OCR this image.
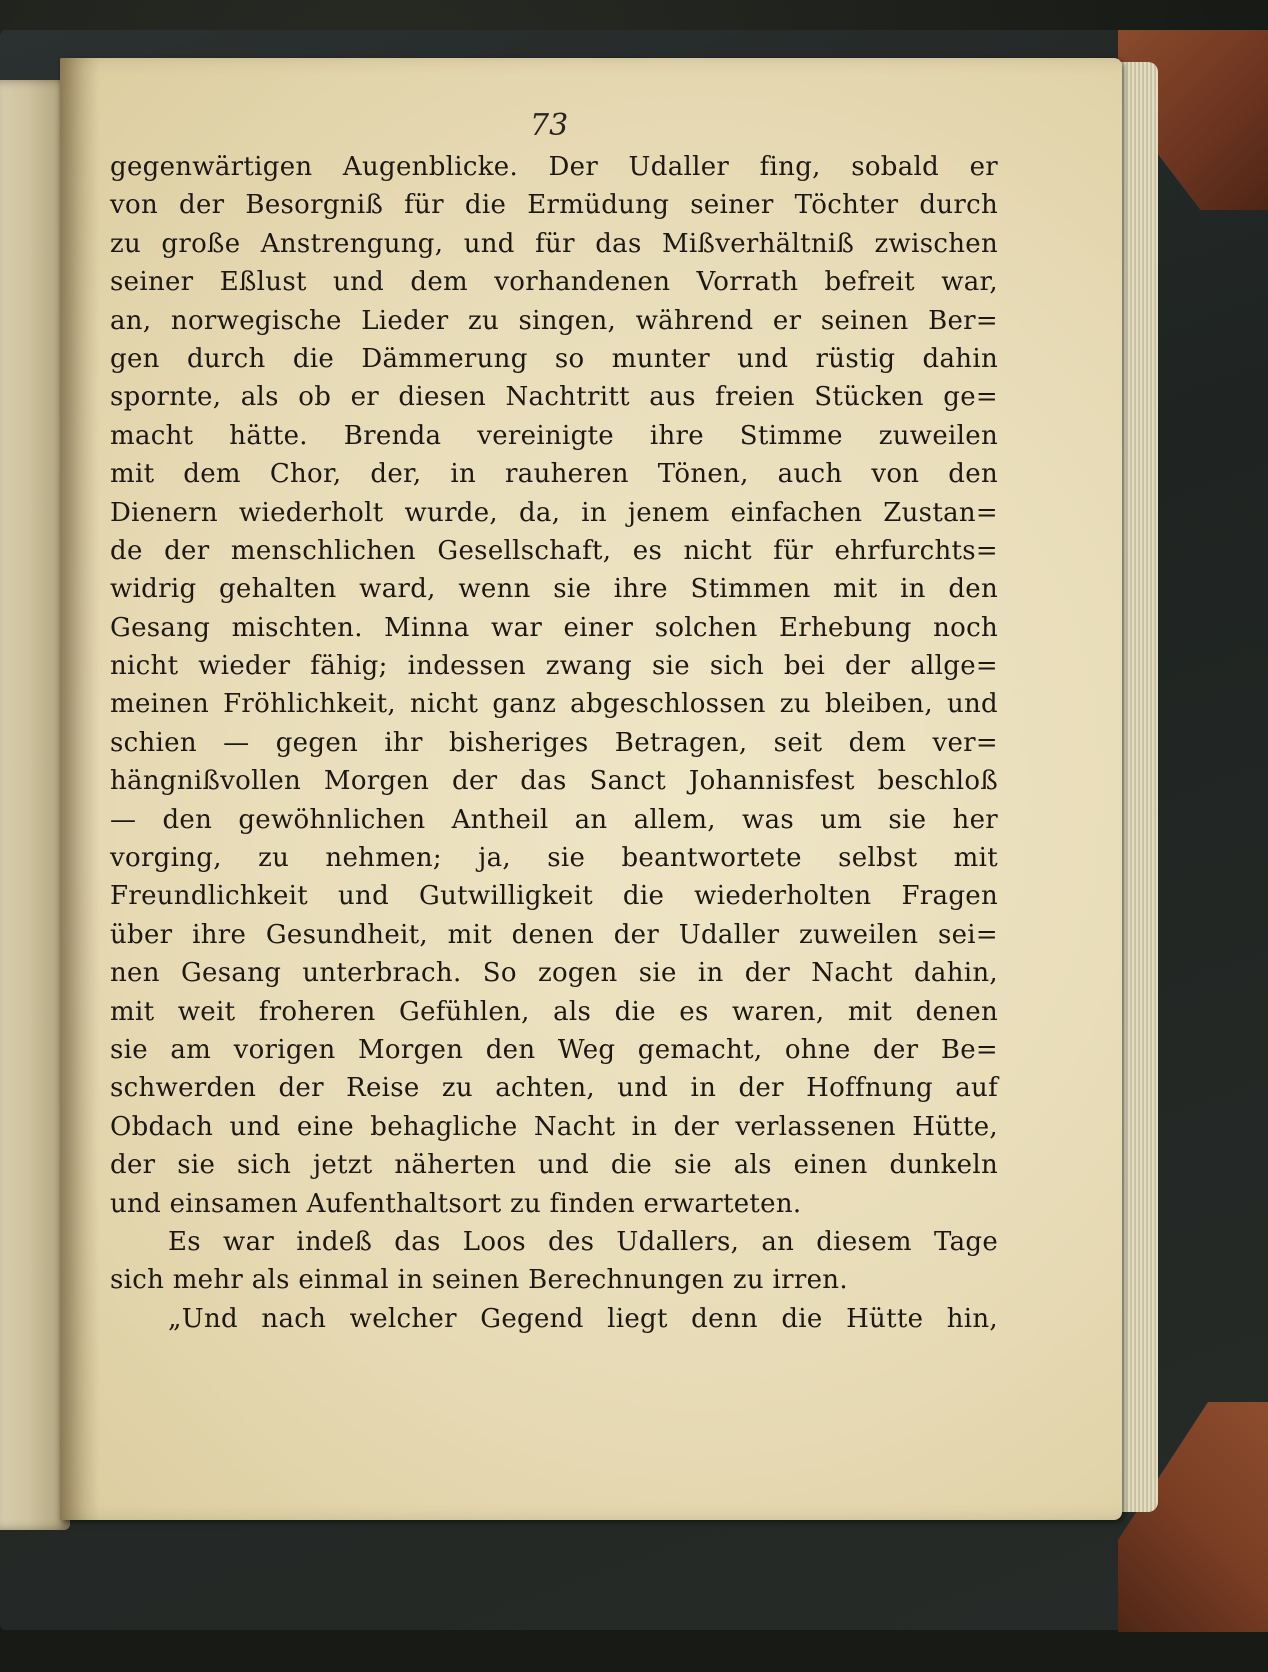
73
gegenwärtigen Augenblicke. Der Udaller fing, sobald er
von der Besorgniß für die Ermüdung seiner Töchter durch
zu große Anstrengung, und für das Mißverhältniß zwischen
seiner Eßlust und dem vorhandenen Vorrath befreit war,
an, norwegische Lieder zu singen, während er seinen Ber=
gen durch die Dämmerung so munter und rüstig dahin
spornte, als ob er diesen Nachtritt aus freien Stücken ge=
macht hätte. Brenda vereinigte ihre Stimme zuweilen
mit dem Chor, der, in rauheren Tönen, auch von den
Dienern wiederholt wurde, da, in jenem einfachen Zustan=
de der menschlichen Gesellschaft, es nicht für ehrfurchts=
widrig gehalten ward, wenn sie ihre Stimmen mit in den
Gesang mischten. Minna war einer solchen Erhebung noch
nicht wieder fähig; indessen zwang sie sich bei der allge=
meinen Fröhlichkeit, nicht ganz abgeschlossen zu bleiben, und
schien — gegen ihr bisheriges Betragen, seit dem ver=
hängnißvollen Morgen der das Sanct Johannisfest beschloß
— den gewöhnlichen Antheil an allem, was um sie her
vorging, zu nehmen; ja, sie beantwortete selbst mit
Freundlichkeit und Gutwilligkeit die wiederholten Fragen
über ihre Gesundheit, mit denen der Udaller zuweilen sei=
nen Gesang unterbrach. So zogen sie in der Nacht dahin,
mit weit froheren Gefühlen, als die es waren, mit denen
sie am vorigen Morgen den Weg gemacht, ohne der Be=
schwerden der Reise zu achten, und in der Hoffnung auf
Obdach und eine behagliche Nacht in der verlassenen Hütte,
der sie sich jetzt näherten und die sie als einen dunkeln
und einsamen Aufenthaltsort zu finden erwarteten.
Es war indeß das Loos des Udallers, an diesem Tage
sich mehr als einmal in seinen Berechnungen zu irren.
„Und nach welcher Gegend liegt denn die Hütte hin,
